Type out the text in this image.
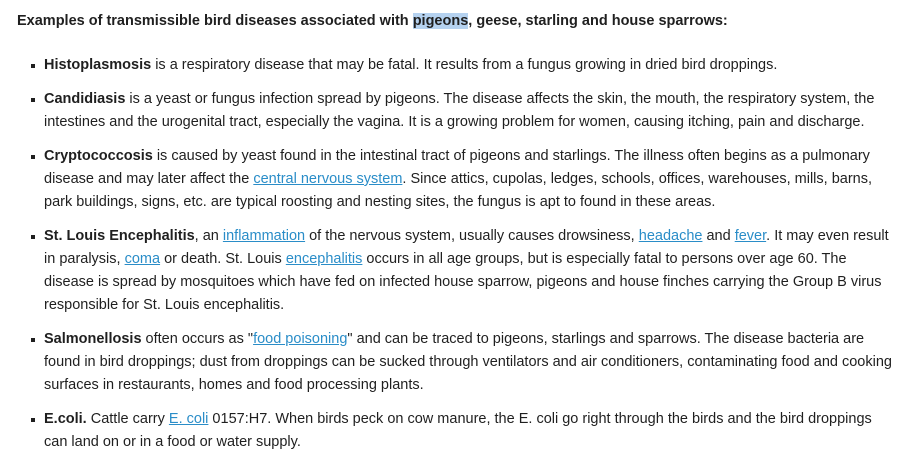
Examples of transmissible bird diseases associated with pigeons, geese, starling and house sparrows:

Histoplasmosis is a respiratory disease that may be fatal. It results from a fungus growing in dried bird droppings.
Candidiasis is a yeast or fungus infection spread by pigeons. The disease affects the skin, the mouth, the respiratory system, the intestines and the urogenital tract, especially the vagina. It is a growing problem for women, causing itching, pain and discharge.
Cryptococcosis is caused by yeast found in the intestinal tract of pigeons and starlings. The illness often begins as a pulmonary disease and may later affect the central nervous system. Since attics, cupolas, ledges, schools, offices, warehouses, mills, barns, park buildings, signs, etc. are typical roosting and nesting sites, the fungus is apt to found in these areas.
St. Louis Encephalitis, an inflammation of the nervous system, usually causes drowsiness, headache and fever. It may even result in paralysis, coma or death. St. Louis encephalitis occurs in all age groups, but is especially fatal to persons over age 60. The disease is spread by mosquitoes which have fed on infected house sparrow, pigeons and house finches carrying the Group B virus responsible for St. Louis encephalitis.
Salmonellosis often occurs as "food poisoning" and can be traced to pigeons, starlings and sparrows. The disease bacteria are found in bird droppings; dust from droppings can be sucked through ventilators and air conditioners, contaminating food and cooking surfaces in restaurants, homes and food processing plants.
E.coli. Cattle carry E. coli 0157:H7. When birds peck on cow manure, the E. coli go right through the birds and the bird droppings can land on or in a food or water supply.
